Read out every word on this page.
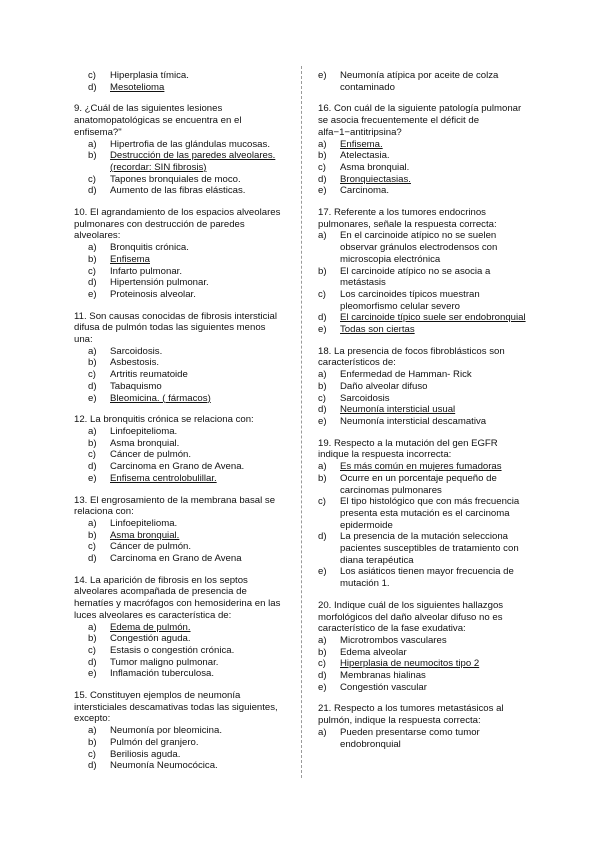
c)	Hiperplasia tímica.
d)	Mesotelioma

9. ¿Cuál de las siguientes lesiones anatomopatológicas se encuentra en el enfisema?"

a)	Hipertrofia de las glándulas mucosas.
b)	Destrucción de las paredes alveolares. (recordar: SIN fibrosis)
c)	Tapones bronquiales de moco.
d)	Aumento de las fibras elásticas.

10. El agrandamiento de los espacios alveolares pulmonares con destrucción de paredes alveolares:

a)	Bronquitis crónica.
b)	Enfisema
c)	Infarto pulmonar.
d)	Hipertensión pulmonar.
e)	Proteinosis alveolar.

11. Son causas conocidas de fibrosis intersticial difusa de pulmón todas las siguientes menos una:

a)	Sarcoidosis.
b)	Asbestosis.
c)	Artritis reumatoide
d)	Tabaquismo
e)	Bleomicina. ( fármacos)

12. La bronquitis crónica se relaciona con:

a)	Linfoepitelioma.
b)	Asma bronquial.
c)	Cáncer de pulmón.
d)	Carcinoma en Grano de Avena.
e)	Enfisema centrolobulillar.

13. El engrosamiento de la membrana basal se relaciona con:

a)	Linfoepitelioma.
b)	Asma bronquial.
c)	Cáncer de pulmón.
d)	Carcinoma en Grano de Avena

14. La aparición de fibrosis en los septos alveolares acompañada de presencia de hematíes y macrófagos con hemosiderina en las luces alveolares es característica de:

a)	Edema de pulmón.
b)	Congestión aguda.
c)	Estasis o congestión crónica.
d)	Tumor maligno pulmonar.
e)	Inflamación tuberculosa.

15. Constituyen ejemplos de neumonía intersticiales descamativas todas las siguientes, excepto:

a)	Neumonía por bleomicina.
b)	Pulmón del granjero.
c)	Beriliosis aguda.
d)	Neumonía Neumocócica.
e)	Neumonía atípica por aceite de colza contaminado

16. Con cuál de la siguiente patología pulmonar se asocia frecuentemente el déficit de alfa−1−antitripsina?

a)	Enfisema.
b)	Atelectasia.
c)	Asma bronquial.
d)	Bronquiectasias.
e)	Carcinoma.

17. Referente a los tumores endocrinos pulmonares, señale la respuesta correcta:

a)	En el carcinoide atípico no se suelen observar gránulos electrodensos con microscopia electrónica
b)	El carcinoide atípico no se asocia a metástasis
c)	Los carcinoides típicos muestran pleomorfismo celular severo
d)	El carcinoide típico suele ser endobronquial
e)	Todas son ciertas

18. La presencia de focos fibroblásticos son característicos de:

a)	Enfermedad de Hamman- Rick
b)	Daño alveolar difuso
c)	Sarcoidosis
d)	Neumonía intersticial usual
e)	Neumonía intersticial descamativa

19. Respecto a la mutación del gen EGFR indique la respuesta incorrecta:

a)	Es más común en mujeres fumadoras
b)	Ocurre en un porcentaje pequeño de carcinomas pulmonares
c)	El tipo histológico que con más frecuencia presenta esta mutación es el carcinoma epidermoide
d)	La presencia de la mutación selecciona pacientes susceptibles de tratamiento con diana terapéutica
e)	Los asiáticos tienen mayor frecuencia de mutación 1.

20. Indique cuál de los siguientes hallazgos morfológicos del daño alveolar difuso no es característico de la fase exudativa:

a)	Microtrombos vasculares
b)	Edema alveolar
c)	Hiperplasia de neumocitos tipo 2
d)	Membranas hialinas
e)	Congestión vascular

21. Respecto a los tumores metastásicos al pulmón, indique la respuesta correcta:

a)	Pueden presentarse como tumor endobronquial
